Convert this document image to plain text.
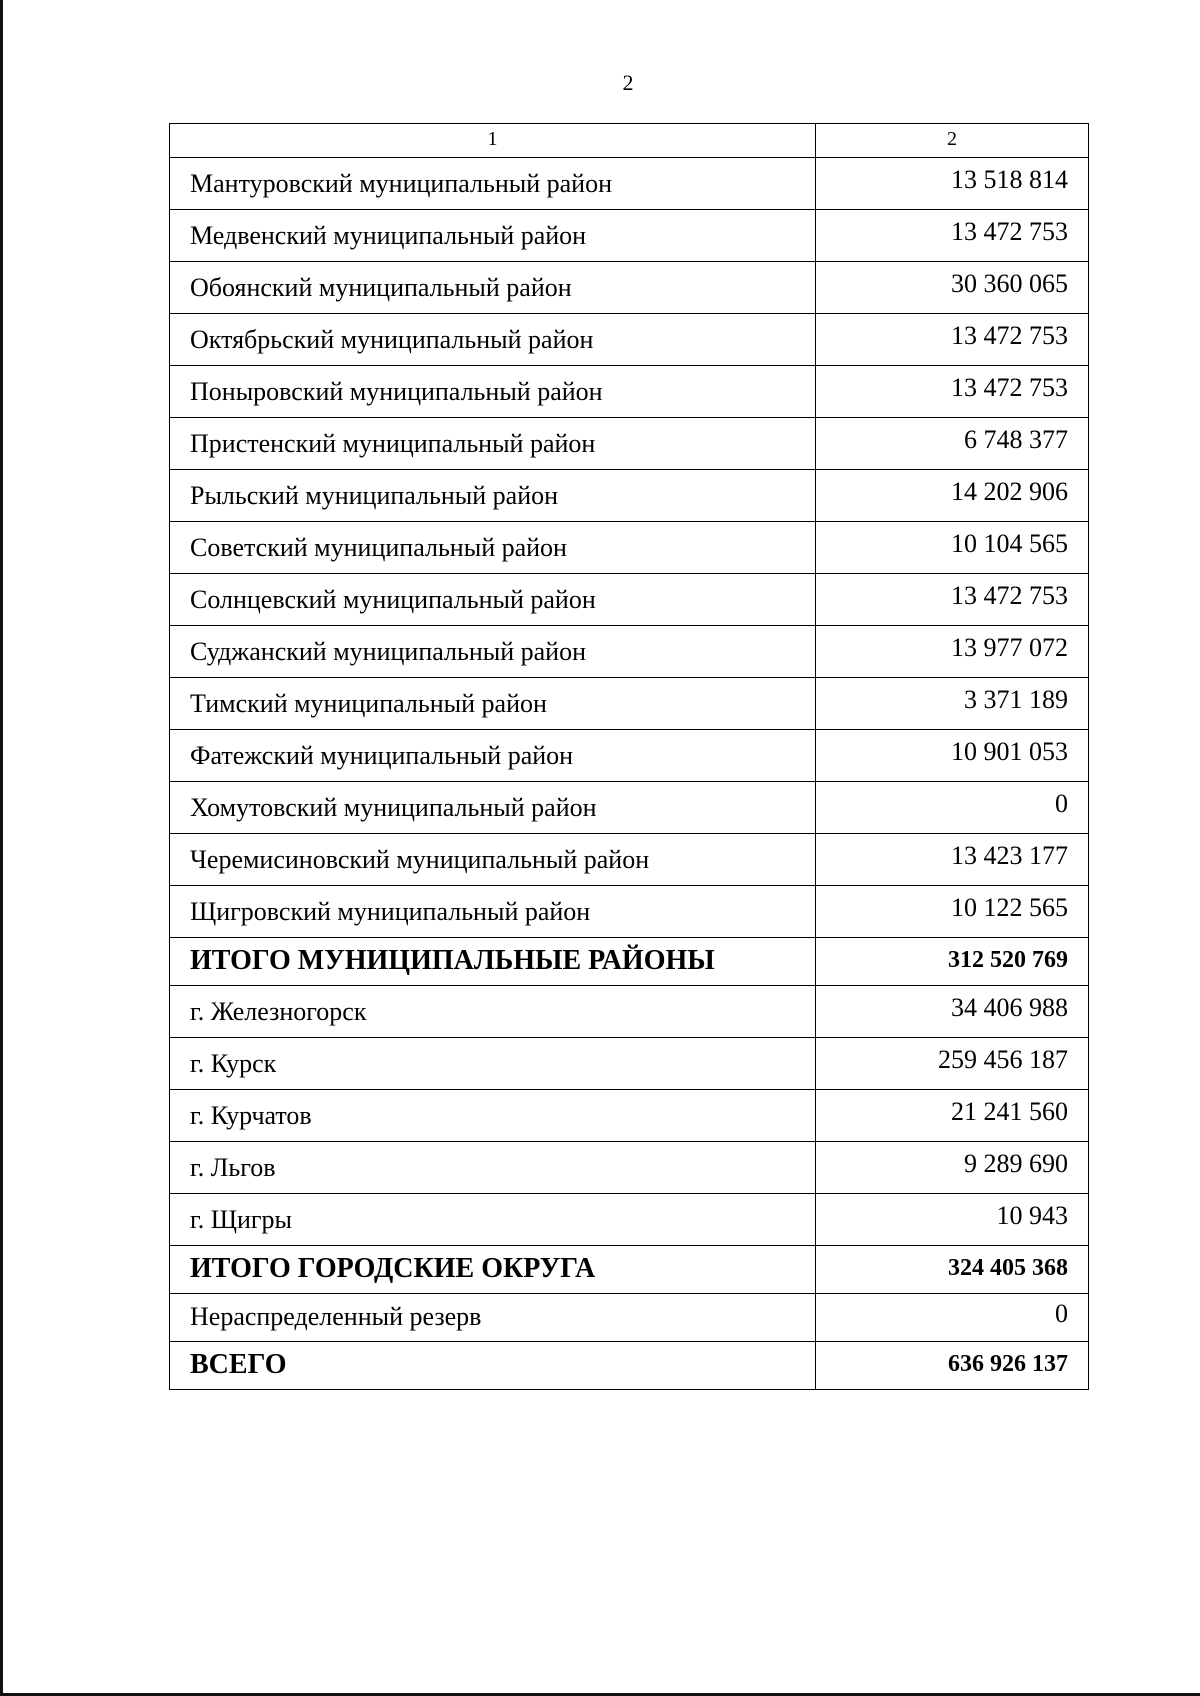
2
1	2
Мантуровский муниципальный район	13 518 814
Медвенский муниципальный район	13 472 753
Обоянский муниципальный район	30 360 065
Октябрьский муниципальный район	13 472 753
Поныровский муниципальный район	13 472 753
Пристенский муниципальный район	6 748 377
Рыльский муниципальный район	14 202 906
Советский муниципальный район	10 104 565
Солнцевский муниципальный район	13 472 753
Суджанский муниципальный район	13 977 072
Тимский муниципальный район	3 371 189
Фатежский муниципальный район	10 901 053
Хомутовский муниципальный район	0
Черемисиновский муниципальный район	13 423 177
Щигровский муниципальный район	10 122 565
ИТОГО МУНИЦИПАЛЬНЫЕ РАЙОНЫ	312 520 769
г. Железногорск	34 406 988
г. Курск	259 456 187
г. Курчатов	21 241 560
г. Льгов	9 289 690
г. Щигры	10 943
ИТОГО ГОРОДСКИЕ ОКРУГА	324 405 368
Нераспределенный резерв	0
ВСЕГО	636 926 137
